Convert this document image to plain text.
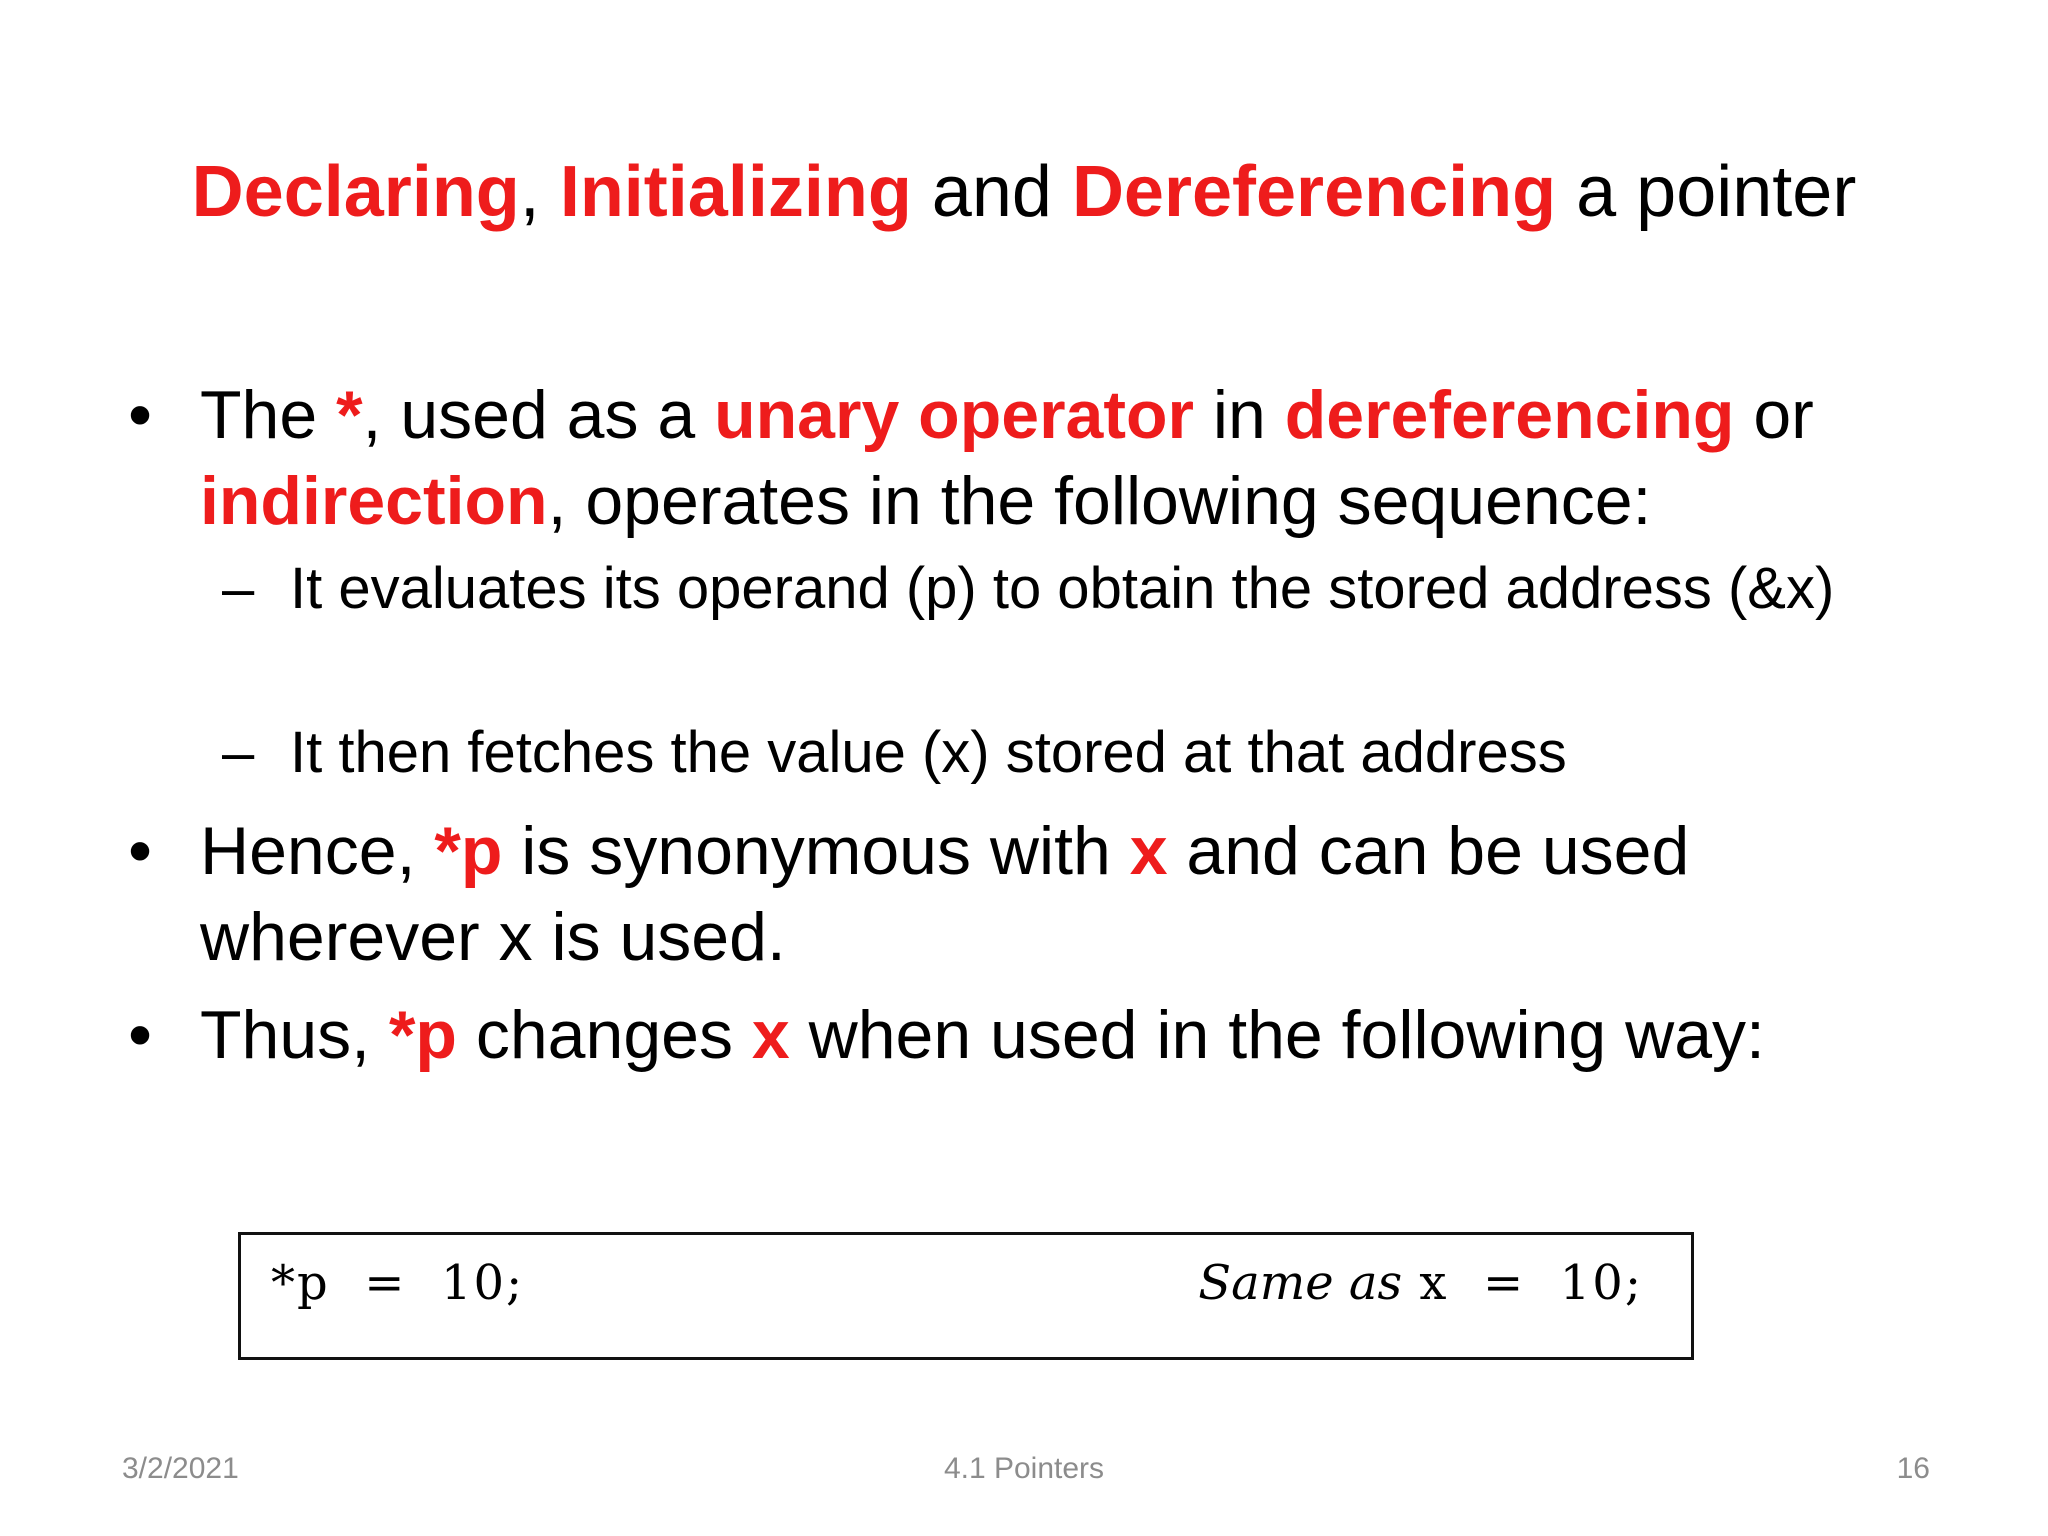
Declaring, Initializing and Dereferencing a pointer
• The *, used as a unary operator in dereferencing or indirection, operates in the following sequence:
– It evaluates its operand (p) to obtain the stored address (&x)
– It then fetches the value (x) stored at that address
• Hence, *p is synonymous with x and can be used wherever x is used.
• Thus, *p changes x when used in the following way:
*p  =  10;	Same as x  =  10;
3/2/2021	4.1 Pointers	16
